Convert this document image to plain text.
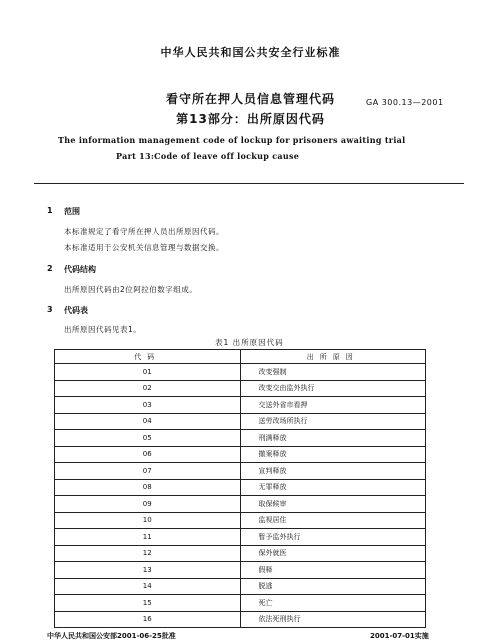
中华人民共和国公共安全行业标准
看守所在押人员信息管理代码
第13部分：出所原因代码
GA 300.13—2001
The information management code of lockup for prisoners awaiting trial
Part 13:Code of leave off lockup cause
1 范围
本标准规定了看守所在押人员出所原因代码。
本标准适用于公安机关信息管理与数据交换。
2 代码结构
出所原因代码由2位阿拉伯数字组成。
3 代码表
出所原因代码见表1。
表1 出所原因代码
代码	出所原因
01	改变强制
02	改变交由监外执行
03	交送外省市看押
04	送劳改场所执行
05	刑满释放
06	撤案释放
07	宣判释放
08	无罪释放
09	取保候审
10	监视居住
11	暂予监外执行
12	保外就医
13	假释
14	脱逃
15	死亡
16	依法死刑执行
中华人民共和国公安部2001-06-25批准	2001-07-01实施
